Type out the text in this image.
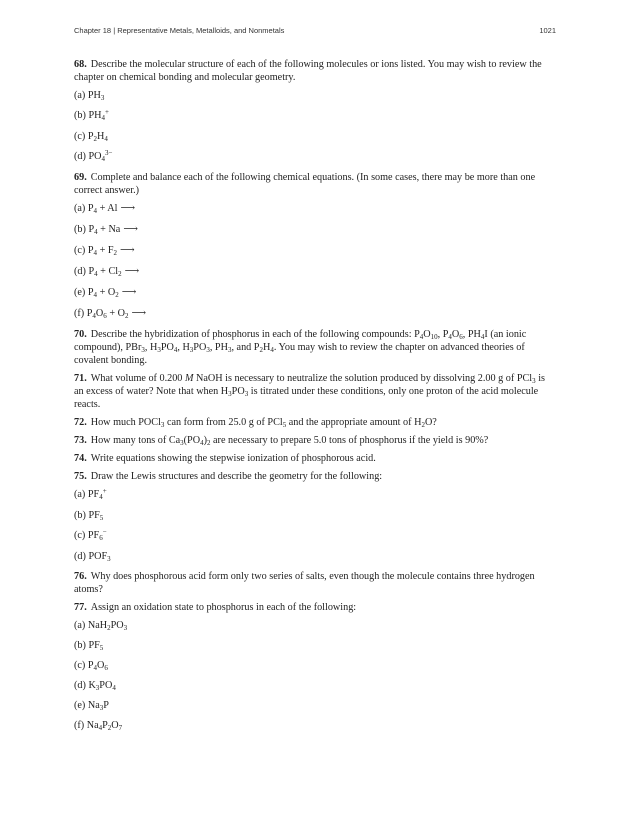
Chapter 18 | Representative Metals, Metalloids, and Nonmetals	1021

68. Describe the molecular structure of each of the following molecules or ions listed. You may wish to review the chapter on chemical bonding and molecular geometry.

(a) $PH_3$
(b) $PH_4^+$
(c) $P_2H_4$
(d) $PO_4^{3-}$

69. Complete and balance each of the following chemical equations. (In some cases, there may be more than one correct answer.)

(a) $P_4 + Al$ ⟶
(b) $P_4 + Na$ ⟶
(c) $P_4 + F_2$ ⟶
(d) $P_4 + Cl_2$ ⟶
(e) $P_4 + O_2$ ⟶
(f) $P_4O_6 + O_2$ ⟶

70. Describe the hybridization of phosphorus in each of the following compounds: $P_4O_{10}$, $P_4O_6$, $PH_4I$ (an ionic compound), PBr$_3$, $H_3PO_4$, $H_3PO_3$, $PH_3$, and $P_2H_4$. You may wish to review the chapter on advanced theories of covalent bonding.

71. What volume of 0.200 M NaOH is necessary to neutralize the solution produced by dissolving 2.00 g of PCl$_3$ is an excess of water? Note that when $H_3PO_3$ is titrated under these conditions, only one proton of the acid molecule reacts.

72. How much POCl$_3$ can form from 25.0 g of PCl$_5$ and the appropriate amount of $H_2O$?

73. How many tons of $Ca_3(PO_4)_2$ are necessary to prepare 5.0 tons of phosphorus if the yield is 90%?

74. Write equations showing the stepwise ionization of phosphorous acid.

75. Draw the Lewis structures and describe the geometry for the following:

(a) $PF_4^+$
(b) $PF_5$
(c) $PF_6^-$
(d) $POF_3$

76. Why does phosphorous acid form only two series of salts, even though the molecule contains three hydrogen atoms?

77. Assign an oxidation state to phosphorus in each of the following:

(a) $NaH_2PO_3$
(b) $PF_5$
(c) $P_4O_6$
(d) $K_3PO_4$
(e) $Na_3P$
(f) $Na_4P_2O_7$
